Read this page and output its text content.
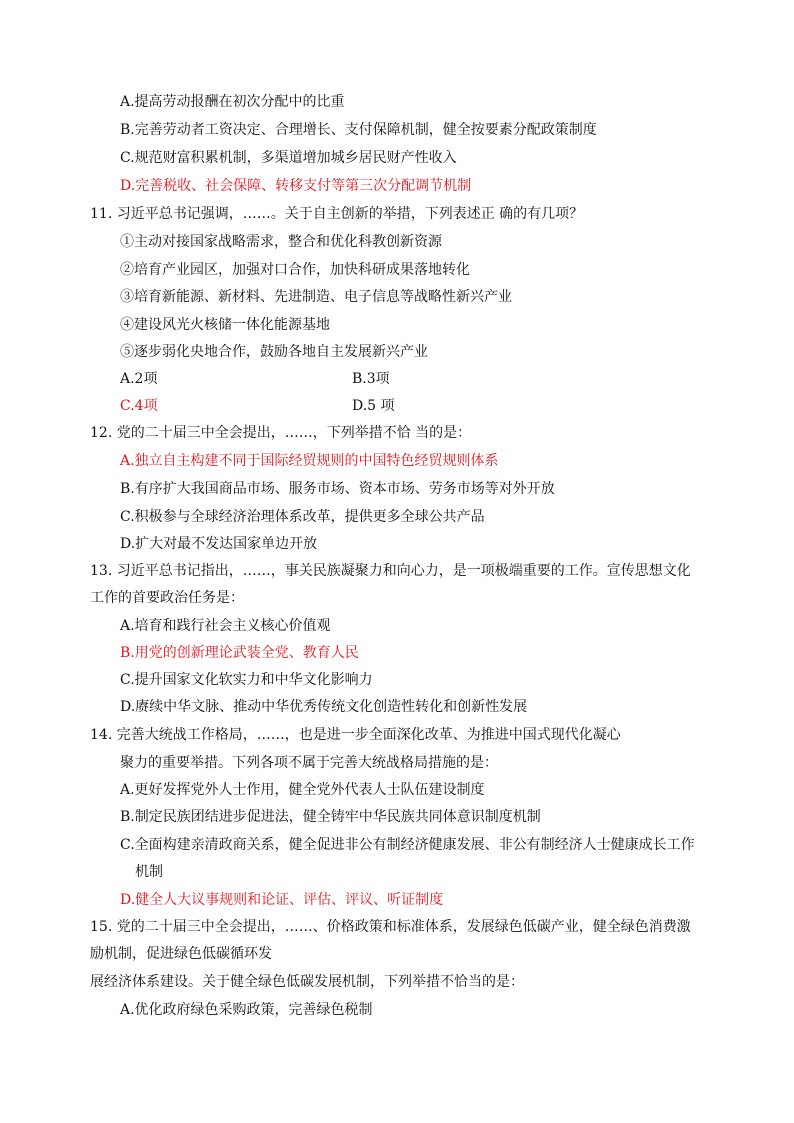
A.提高劳动报酬在初次分配中的比重
B.完善劳动者工资决定、合理增长、支付保障机制，健全按要素分配政策制度
C.规范财富积累机制，多渠道增加城乡居民财产性收入
D.完善税收、社会保障、转移支付等第三次分配调节机制
11. 习近平总书记强调，……。关于自主创新的举措，下列表述正 确的有几项？
①主动对接国家战略需求，整合和优化科教创新资源
②培育产业园区，加强对口合作，加快科研成果落地转化
③培育新能源、新材料、先进制造、电子信息等战略性新兴产业
④建设风光火核储一体化能源基地
⑤逐步弱化央地合作，鼓励各地自主发展新兴产业
A.2项	B.3项
C.4项	D.5 项
12. 党的二十届三中全会提出，……，下列举措不恰 当的是：
A.独立自主构建不同于国际经贸规则的中国特色经贸规则体系
B.有序扩大我国商品市场、服务市场、资本市场、劳务市场等对外开放
C.积极参与全球经济治理体系改革，提供更多全球公共产品
D.扩大对最不发达国家单边开放
13. 习近平总书记指出，……，事关民族凝聚力和向心力，是一项极端重要的工作。宣传思想文化
工作的首要政治任务是：
A.培育和践行社会主义核心价值观
B.用党的创新理论武装全党、教育人民
C.提升国家文化软实力和中华文化影响力
D.赓续中华文脉、推动中华优秀传统文化创造性转化和创新性发展
14. 完善大统战工作格局，……，也是进一步全面深化改革、为推进中国式现代化凝心
聚力的重要举措。下列各项不属于完善大统战格局措施的是：
A.更好发挥党外人士作用，健全党外代表人士队伍建设制度
B.制定民族团结进步促进法，健全铸牢中华民族共同体意识制度机制
C.全面构建亲清政商关系，健全促进非公有制经济健康发展、非公有制经济人士健康成长工作
机制
D.健全人大议事规则和论证、评估、评议、听证制度
15. 党的二十届三中全会提出，……、价格政策和标准体系，发展绿色低碳产业，健全绿色消费激
励机制，促进绿色低碳循环发
展经济体系建设。关于健全绿色低碳发展机制，下列举措不恰当的是：
A.优化政府绿色采购政策，完善绿色税制
